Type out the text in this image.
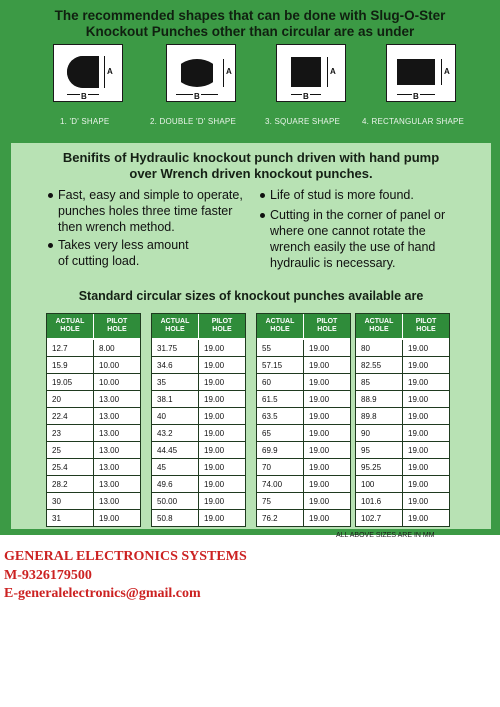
The recommended shapes that can be done with Slug-O-Ster
Knockout Punches other than circular are as under
A
B
1. 'D' SHAPE
A
B
2. DOUBLE 'D' SHAPE
A
B
3. SQUARE SHAPE
A
B
4. RECTANGULAR SHAPE
Benifits of Hydraulic knockout punch driven with hand pump
over Wrench driven knockout punches.
Fast, easy and simple to operate,
punches holes three time faster
then wrench method.
Takes very less amount
of cutting load.
Life of stud is more found.
Cutting in the corner of panel or
where one cannot rotate the
wrench easily the use of hand
hydraulic is necessary.
Standard circular sizes of knockout punches available are
ACTUAL
HOLE
PILOT
HOLE
12.7	8.00
15.9	10.00
19.05	10.00
20	13.00
22.4	13.00
23	13.00
25	13.00
25.4	13.00
28.2	13.00
30	13.00
31	19.00
ACTUAL
HOLE
PILOT
HOLE
31.75	19.00
34.6	19.00
35	19.00
38.1	19.00
40	19.00
43.2	19.00
44.45	19.00
45	19.00
49.6	19.00
50.00	19.00
50.8	19.00
ACTUAL
HOLE
PILOT
HOLE
55	19.00
57.15	19.00
60	19.00
61.5	19.00
63.5	19.00
65	19.00
69.9	19.00
70	19.00
74.00	19.00
75	19.00
76.2	19.00
ACTUAL
HOLE
PILOT
HOLE
80	19.00
82.55	19.00
85	19.00
88.9	19.00
89.8	19.00
90	19.00
95	19.00
95.25	19.00
100	19.00
101.6	19.00
102.7	19.00
ALL ABOVE SIZES ARE IN MM
GENERAL ELECTRONICS SYSTEMS
M-9326179500
E-generalelectronics@gmail.com
